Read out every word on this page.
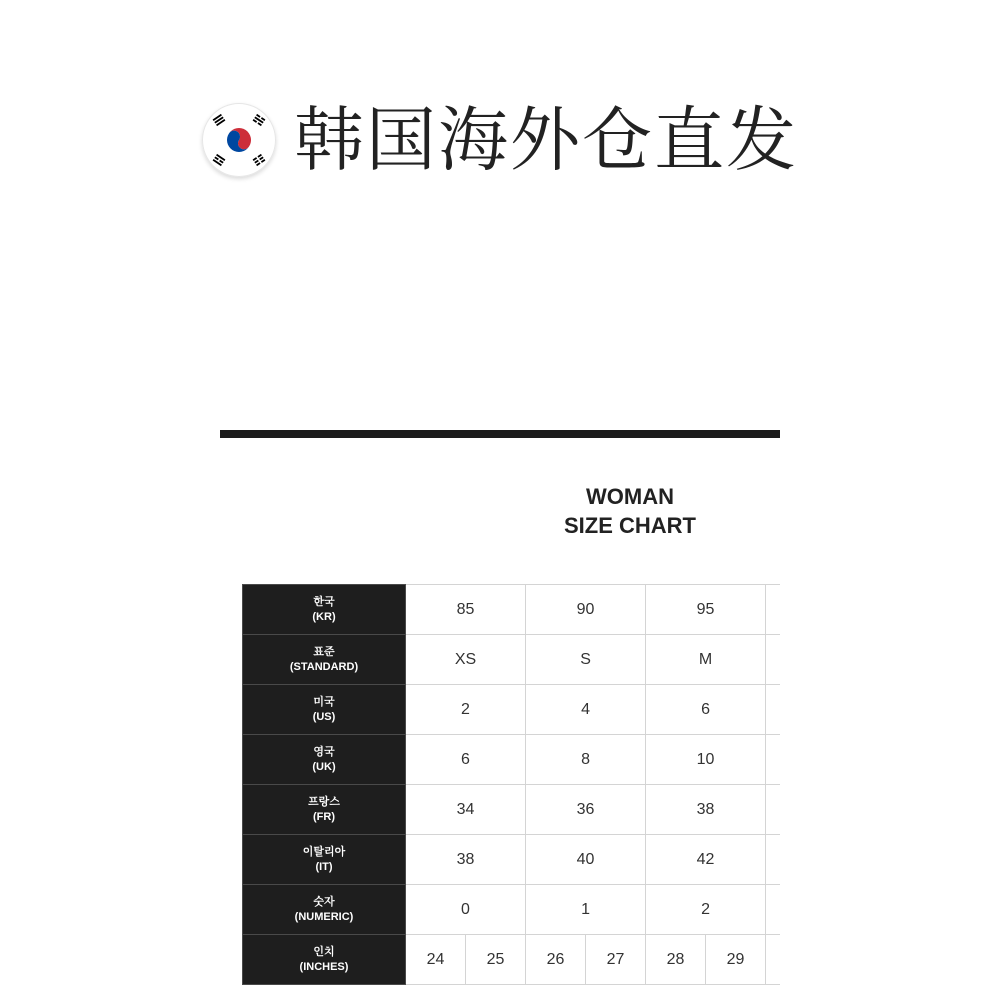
韩国海外仓直发
WOMAN
SIZE CHART
한국
(KR)	85		90		95		

표준
(STANDARD)	XS		S		M		

미국
(US)	2		4		6		

영국
(UK)	6		8		10		

프랑스
(FR)	34		36		38		

이탈리아
(IT)	38		40		42		

숫자
(NUMERIC)	0		1		2		

인치
(INCHES)	24	25	26	27	28	29	
